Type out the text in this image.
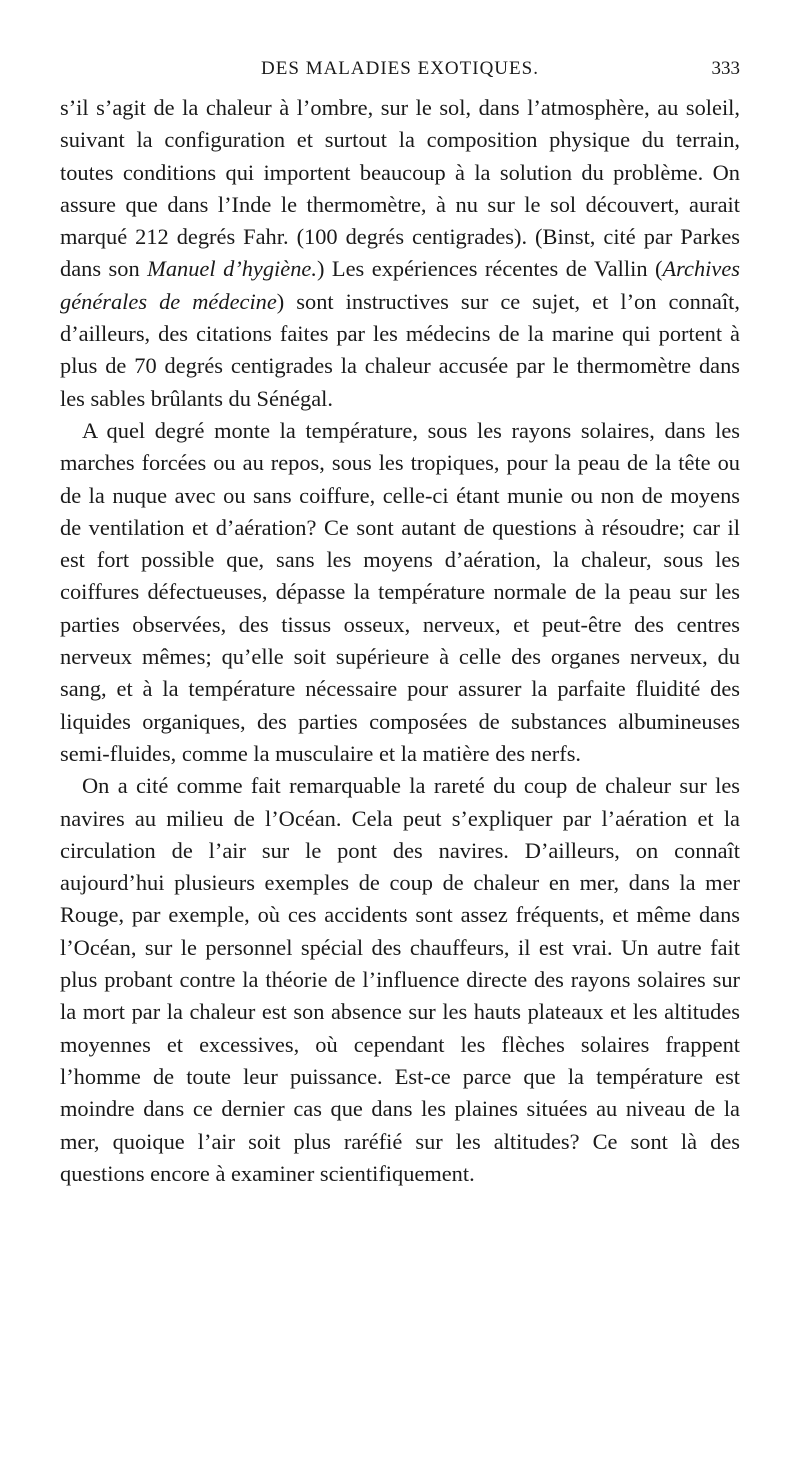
DES MALADIES EXOTIQUES.	333

s’il s’agit de la chaleur à l’ombre, sur le sol, dans l’atmosphère, au soleil, suivant la configuration et surtout la composition physique du terrain, toutes conditions qui importent beaucoup à la solution du problème. On assure que dans l’Inde le thermomètre, à nu sur le sol découvert, aurait marqué 212 degrés Fahr. (100 degrés centigrades). (Binst, cité par Parkes dans son Manuel d’hygiène.) Les expériences récentes de Vallin (Archives générales de médecine) sont instructives sur ce sujet, et l’on connaît, d’ailleurs, des citations faites par les médecins de la marine qui portent à plus de 70 degrés centigrades la chaleur accusée par le thermomètre dans les sables brûlants du Sénégal.

A quel degré monte la température, sous les rayons solaires, dans les marches forcées ou au repos, sous les tropiques, pour la peau de la tête ou de la nuque avec ou sans coiffure, celle-ci étant munie ou non de moyens de ventilation et d’aération? Ce sont autant de questions à résoudre; car il est fort possible que, sans les moyens d’aération, la chaleur, sous les coiffures défectueuses, dépasse la température normale de la peau sur les parties observées, des tissus osseux, nerveux, et peut-être des centres nerveux mêmes; qu’elle soit supérieure à celle des organes nerveux, du sang, et à la température nécessaire pour assurer la parfaite fluidité des liquides organiques, des parties composées de substances albumineuses semi-fluides, comme la musculaire et la matière des nerfs.

On a cité comme fait remarquable la rareté du coup de chaleur sur les navires au milieu de l’Océan. Cela peut s’expliquer par l’aération et la circulation de l’air sur le pont des navires. D’ailleurs, on connaît aujourd’hui plusieurs exemples de coup de chaleur en mer, dans la mer Rouge, par exemple, où ces accidents sont assez fréquents, et même dans l’Océan, sur le personnel spécial des chauffeurs, il est vrai. Un autre fait plus probant contre la théorie de l’influence directe des rayons solaires sur la mort par la chaleur est son absence sur les hauts plateaux et les altitudes moyennes et excessives, où cependant les flèches solaires frappent l’homme de toute leur puissance. Est-ce parce que la température est moindre dans ce dernier cas que dans les plaines situées au niveau de la mer, quoique l’air soit plus raréfié sur les altitudes? Ce sont là des questions encore à examiner scientifiquement.
